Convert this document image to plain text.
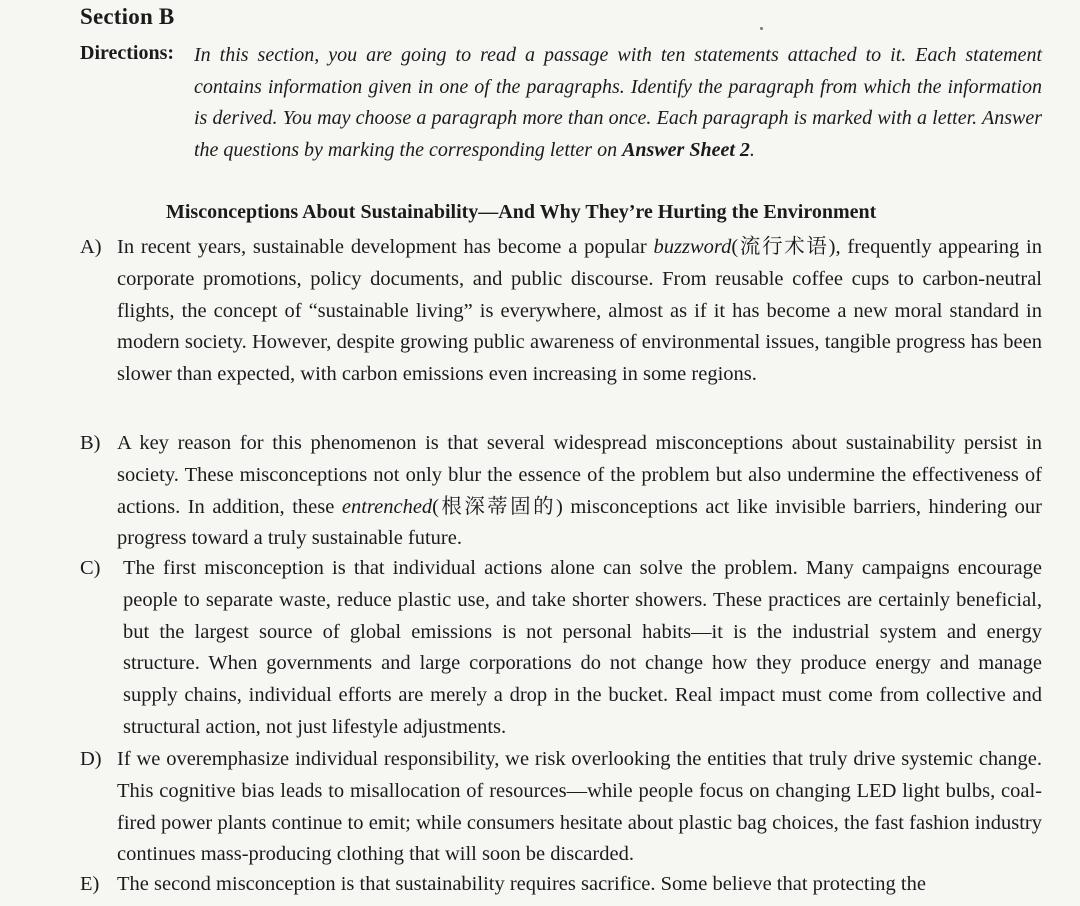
Section B
Directions: In this section, you are going to read a passage with ten statements attached to it. Each statement contains information given in one of the paragraphs. Identify the paragraph from which the information is derived. You may choose a paragraph more than once. Each paragraph is marked with a letter. Answer the questions by marking the corresponding letter on Answer Sheet 2.
Misconceptions About Sustainability—And Why They’re Hurting the Environment
A) In recent years, sustainable development has become a popular buzzword(流行术语), frequently appearing in corporate promotions, policy documents, and public discourse. From reusable coffee cups to carbon-neutral flights, the concept of “sustainable living” is everywhere, almost as if it has become a new moral standard in modern society. However, despite growing public awareness of environmental issues, tangible progress has been slower than expected, with carbon emissions even increasing in some regions.
B) A key reason for this phenomenon is that several widespread misconceptions about sustainability persist in society. These misconceptions not only blur the essence of the problem but also undermine the effectiveness of actions. In addition, these entrenched(根深蒂固的) misconceptions act like invisible barriers, hindering our progress toward a truly sustainable future.
C) The first misconception is that individual actions alone can solve the problem. Many campaigns encourage people to separate waste, reduce plastic use, and take shorter showers. These practices are certainly beneficial, but the largest source of global emissions is not personal habits—it is the industrial system and energy structure. When governments and large corporations do not change how they produce energy and manage supply chains, individual efforts are merely a drop in the bucket. Real impact must come from collective and structural action, not just lifestyle adjustments.
D) If we overemphasize individual responsibility, we risk overlooking the entities that truly drive systemic change. This cognitive bias leads to misallocation of resources—while people focus on changing LED light bulbs, coal-fired power plants continue to emit; while consumers hesitate about plastic bag choices, the fast fashion industry continues mass-producing clothing that will soon be discarded.
E) The second misconception is that sustainability requires sacrifice. Some believe that protecting the
